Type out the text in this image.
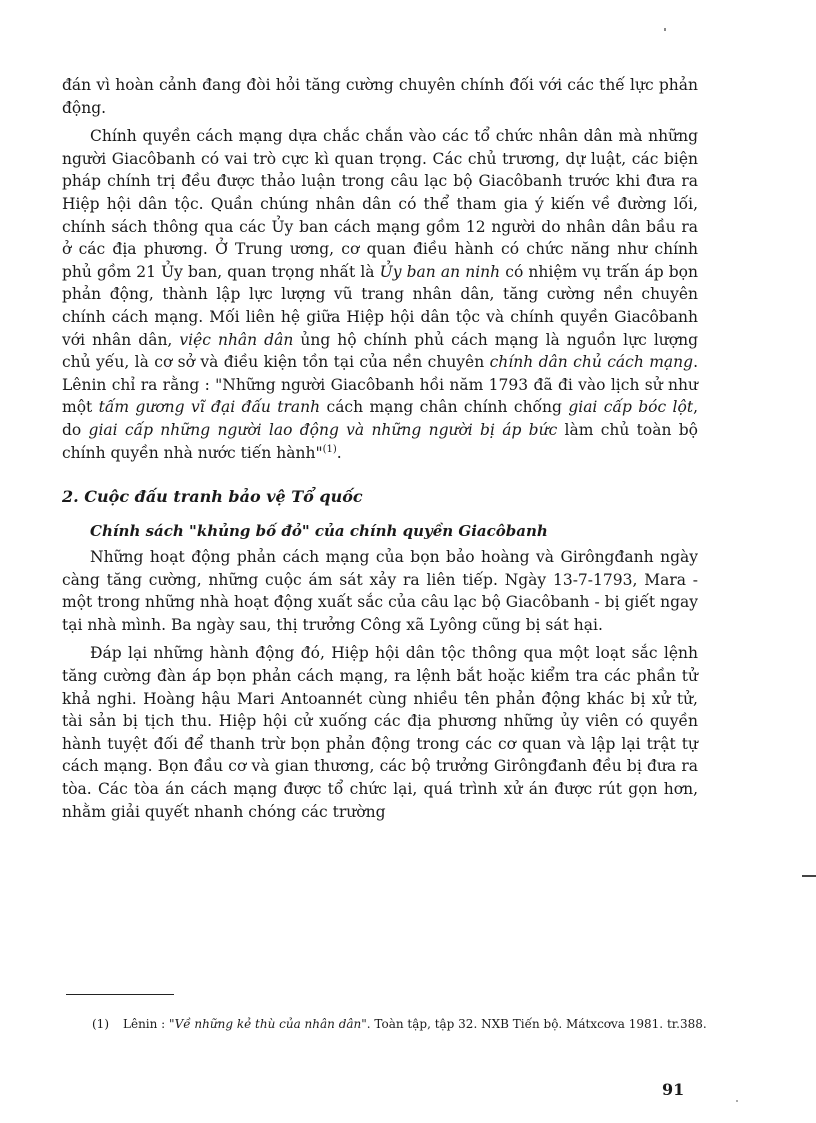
đán vì hoàn cảnh đang đòi hỏi tăng cường chuyên chính đối với các thế lực phản động.

Chính quyền cách mạng dựa chắc chắn vào các tổ chức nhân dân mà những người Giacôbanh có vai trò cực kì quan trọng. Các chủ trương, dự luật, các biện pháp chính trị đều được thảo luận trong câu lạc bộ Giacôbanh trước khi đưa ra Hiệp hội dân tộc. Quần chúng nhân dân có thể tham gia ý kiến về đường lối, chính sách thông qua các Ủy ban cách mạng gồm 12 người do nhân dân bầu ra ở các địa phương. Ở Trung ương, cơ quan điều hành có chức năng như chính phủ gồm 21 Ủy ban, quan trọng nhất là Ủy ban an ninh có nhiệm vụ trấn áp bọn phản động, thành lập lực lượng vũ trang nhân dân, tăng cường nền chuyên chính cách mạng. Mối liên hệ giữa Hiệp hội dân tộc và chính quyền Giacôbanh với nhân dân, việc nhân dân ủng hộ chính phủ cách mạng là nguồn lực lượng chủ yếu, là cơ sở và điều kiện tồn tại của nền chuyên chính dân chủ cách mạng. Lênin chỉ ra rằng : "Những người Giacôbanh hồi năm 1793 đã đi vào lịch sử như một tấm gương vĩ đại đấu tranh cách mạng chân chính chống giai cấp bóc lột, do giai cấp những người lao động và những người bị áp bức làm chủ toàn bộ chính quyền nhà nước tiến hành"$^{(1)}$.

2. Cuộc đấu tranh bảo vệ Tổ quốc
Chính sách "khủng bố đỏ" của chính quyền Giacôbanh

Những hoạt động phản cách mạng của bọn bảo hoàng và Girôngđanh ngày càng tăng cường, những cuộc ám sát xảy ra liên tiếp. Ngày 13-7-1793, Mara - một trong những nhà hoạt động xuất sắc của câu lạc bộ Giacôbanh - bị giết ngay tại nhà mình. Ba ngày sau, thị trưởng Công xã Lyông cũng bị sát hại.

Đáp lại những hành động đó, Hiệp hội dân tộc thông qua một loạt sắc lệnh tăng cường đàn áp bọn phản cách mạng, ra lệnh bắt hoặc kiểm tra các phần tử khả nghi. Hoàng hậu Mari Antoannét cùng nhiều tên phản động khác bị xử tử, tài sản bị tịch thu. Hiệp hội cử xuống các địa phương những ủy viên có quyền hành tuyệt đối để thanh trừ bọn phản động trong các cơ quan và lập lại trật tự cách mạng. Bọn đầu cơ và gian thương, các bộ trưởng Girôngđanh đều bị đưa ra tòa. Các tòa án cách mạng được tổ chức lại, quá trình xử án được rút gọn hơn, nhằm giải quyết nhanh chóng các trường

(1) Lênin : "Về những kẻ thù của nhân dân". Toàn tập, tập 32. NXB Tiến bộ. Mátxcơva 1981. tr.388.
91
